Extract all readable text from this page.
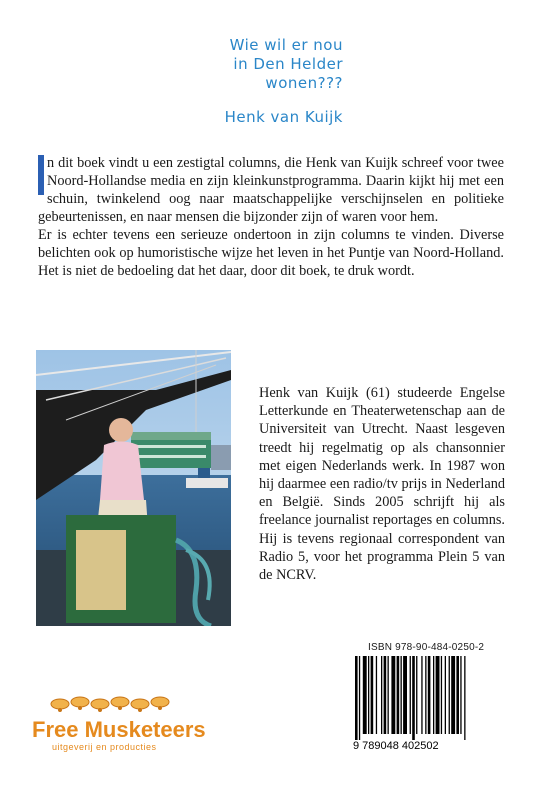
Wie wil er nou
in Den Helder
wonen???
Henk van Kuijk

n dit boek vindt u een zestigtal columns, die Henk van Kuijk schreef voor twee Noord-Hollandse media en zijn kleinkunstprogramma. Daarin kijkt hij met een schuin, twinkelend oog naar maatschappelijke verschijnselen en politieke gebeurtenissen, en naar mensen die bijzonder zijn of waren voor hem.

Er is echter tevens een serieuze ondertoon in zijn columns te vinden. Diverse belichten ook op humoristische wijze het leven in het Puntje van Noord-Holland. Het is niet de bedoeling dat het daar, door dit boek, te druk wordt.

Henk van Kuijk (61) studeerde Engelse Letterkunde en Theaterwetenschap aan de Universiteit van Utrecht. Naast lesgeven treedt hij regelmatig op als chansonnier met eigen Nederlands werk. In 1987 won hij daarmee een radio/tv prijs in Nederland en België. Sinds 2005 schrijft hij als freelance journalist reportages en columns. Hij is tevens regionaal correspondent van Radio 5, voor het programma Plein 5 van de NCRV.
ISBN 978-90-484-0250-2
9 789048 402502
Free Musketeers
uitgeverij en producties
